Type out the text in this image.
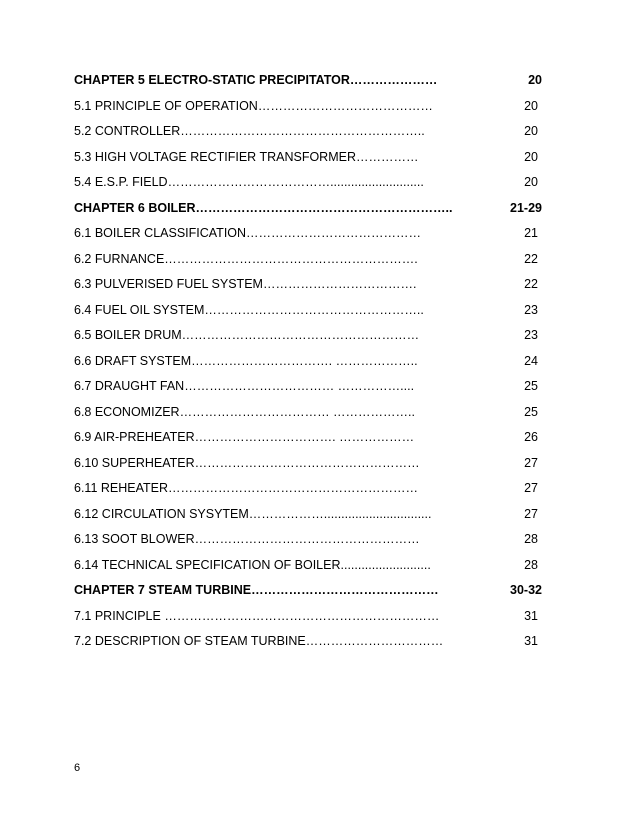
CHAPTER 5 ELECTRO-STATIC PRECIPITATOR…………………	20
5.1 PRINCIPLE OF OPERATION……………………………………	20
5.2 CONTROLLER…………………………………………………..	20
5.3 HIGH VOLTAGE RECTIFIER TRANSFORMER……………	20
5.4 E.S.P. FIELD…………………………………...........................	20
CHAPTER 6 BOILER……………………………………………………..	21-29
6.1 BOILER CLASSIFICATION……………………………………	21
6.2 FURNANCE…………………………………………………….	22
6.3 PULVERISED FUEL SYSTEM……………………………….	22
6.4 FUEL OIL SYSTEM……………………………………………..	23
6.5 BOILER DRUM…………………………………………………	23
6.6 DRAFT SYSTEM……………………………. ………………..	24
6.7 DRAUGHT FAN……………………………… ……………....	25
6.8 ECONOMIZER……………………………… ………………..	25
6.9 AIR-PREHEATER……………………………. ………………	26
6.10 SUPERHEATER………………………………………………	27
6.11 REHEATER……………………………………………………	27
6.12 CIRCULATION SYSYTEM………………...............................	27
6.13 SOOT BLOWER………………………………………………	28
6.14 TECHNICAL SPECIFICATION OF BOILER..........................	28
CHAPTER 7 STEAM TURBINE………………………………………	30-32
7.1 PRINCIPLE …………………………………………………………	31
7.2 DESCRIPTION OF STEAM TURBINE……………………………	31
6
